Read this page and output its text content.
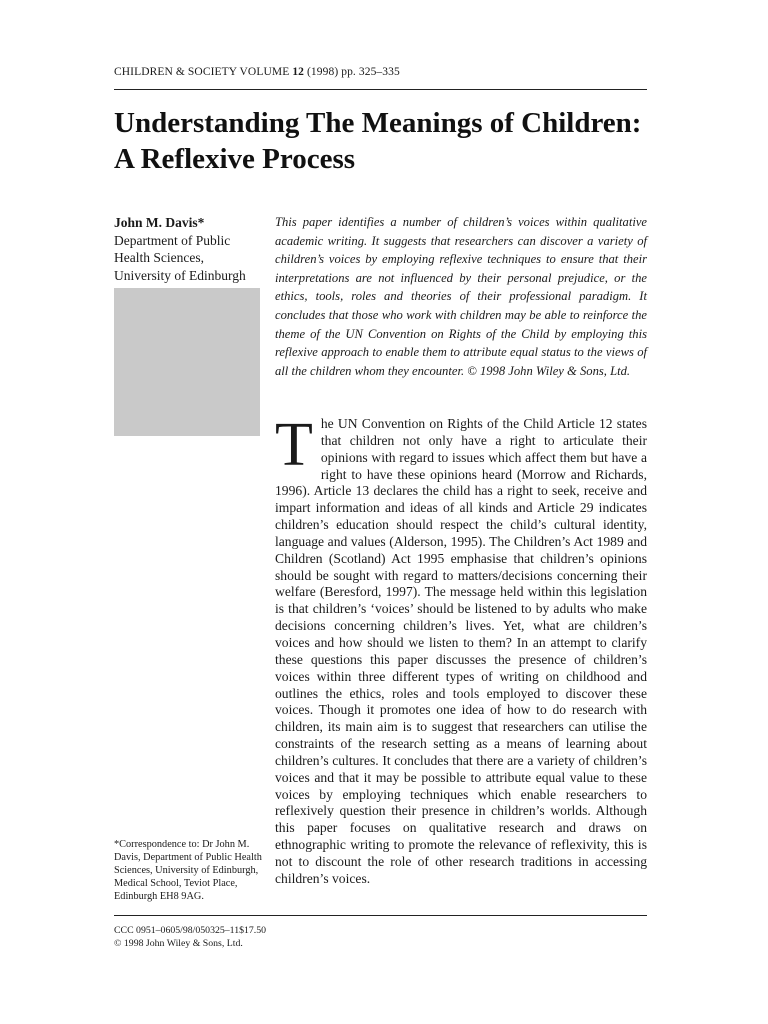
CHILDREN & SOCIETY VOLUME 12 (1998) pp. 325–335
Understanding The Meanings of Children: A Reflexive Process
John M. Davis*
Department of Public
Health Sciences,
University of Edinburgh

This paper identifies a number of children’s voices within qualitative academic writing. It suggests that researchers can discover a variety of children’s voices by employing reflexive techniques to ensure that their interpretations are not influenced by their personal prejudice, or the ethics, tools, roles and theories of their professional paradigm. It concludes that those who work with children may be able to reinforce the theme of the UN Convention on Rights of the Child by employing this reflexive approach to enable them to attribute equal status to the views of all the children whom they encounter. © 1998 John Wiley & Sons, Ltd.

The UN Convention on Rights of the Child Article 12 states that children not only have a right to articulate their opinions with regard to issues which affect them but have a right to have these opinions heard (Morrow and Richards, 1996). Article 13 declares the child has a right to seek, receive and impart information and ideas of all kinds and Article 29 indicates children’s education should respect the child’s cultural identity, language and values (Alderson, 1995). The Children’s Act 1989 and Children (Scotland) Act 1995 emphasise that children’s opinions should be sought with regard to matters/decisions concerning their welfare (Beresford, 1997). The message held within this legislation is that children’s ‘voices’ should be listened to by adults who make decisions concerning children’s lives. Yet, what are children’s voices and how should we listen to them? In an attempt to clarify these questions this paper discusses the presence of children’s voices within three different types of writing on childhood and outlines the ethics, roles and tools employed to discover these voices. Though it promotes one idea of how to do research with children, its main aim is to suggest that researchers can utilise the constraints of the research setting as a means of learning about children’s cultures. It concludes that there are a variety of children’s voices and that it may be possible to attribute equal value to these voices by employing techniques which enable researchers to reflexively question their presence in children’s worlds. Although this paper focuses on qualitative research and draws on ethnographic writing to promote the relevance of reflexivity, this is not to discount the role of other research traditions in accessing children’s voices.

*Correspondence to: Dr John M. Davis, Department of Public Health Sciences, University of Edinburgh, Medical School, Teviot Place, Edinburgh EH8 9AG.
CCC 0951–0605/98/050325–11$17.50
© 1998 John Wiley & Sons, Ltd.
